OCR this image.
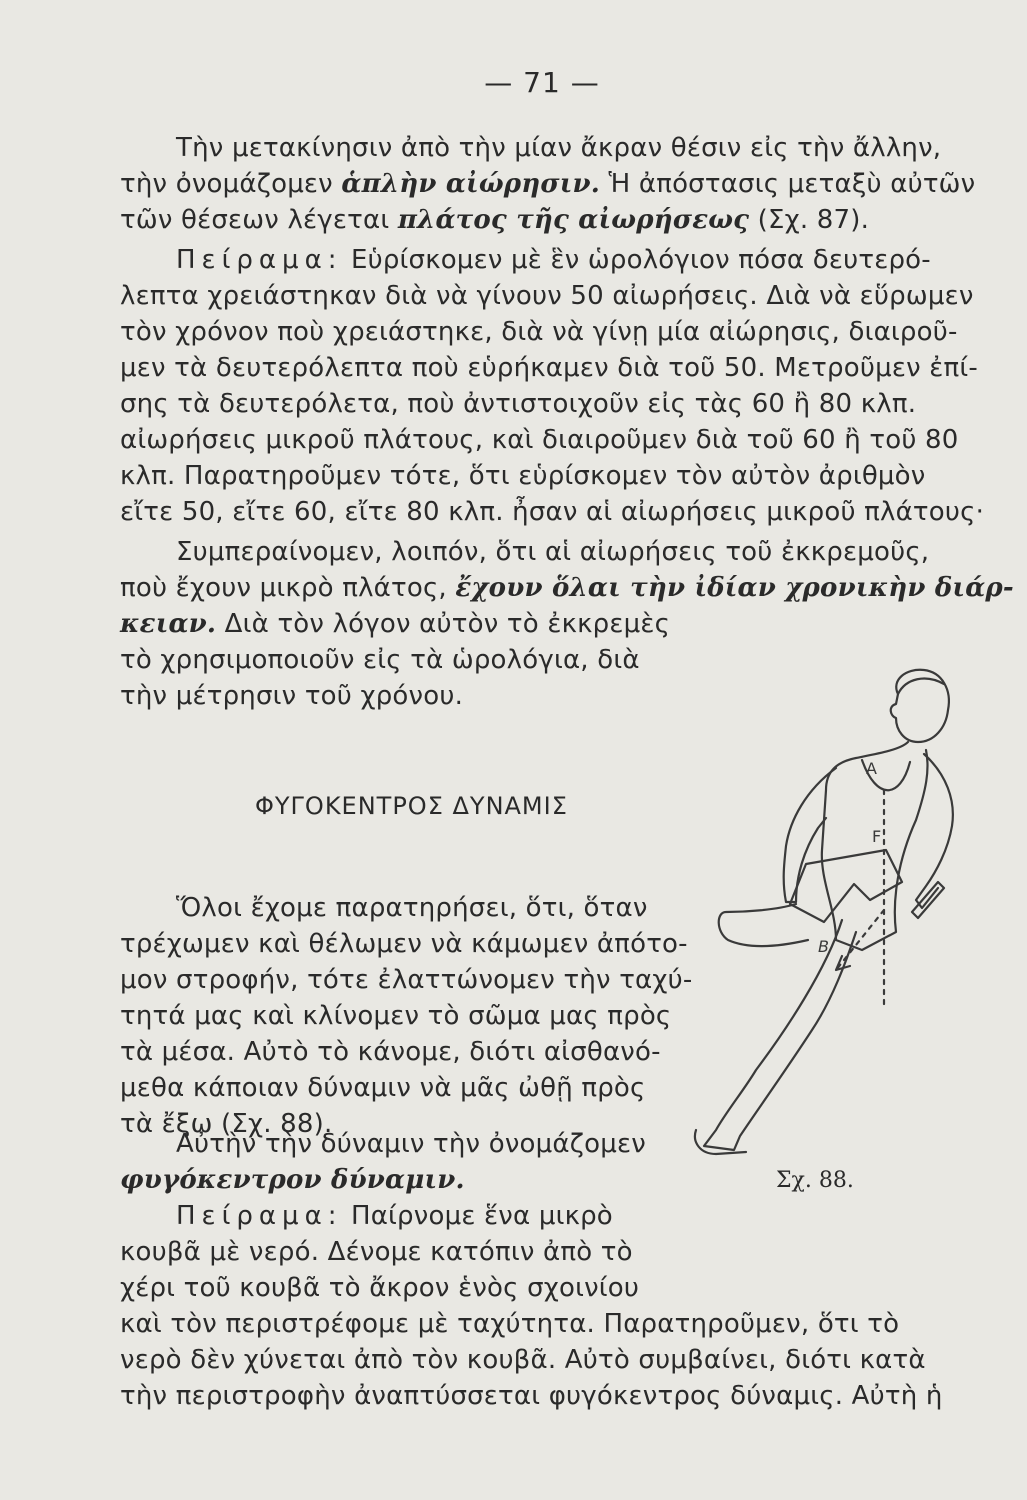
— 71 —
Τὴν μετακίνησιν ἀπὸ τὴν μίαν ἄκραν θέσιν εἰς τὴν ἄλλην,
τὴν ὀνομάζομεν ἁπλὴν αἰώρησιν. Ἡ ἀπόστασις μεταξὺ αὐτῶν
τῶν θέσεων λέγεται πλάτος τῆς αἰωρήσεως (Σχ. 87).
Πείραμα: Εὑρίσκομεν μὲ ἓν ὡρολόγιον πόσα δευτερό-
λεπτα χρειάστηκαν διὰ νὰ γίνουν 50 αἰωρήσεις. Διὰ νὰ εὕρωμεν
τὸν χρόνον ποὺ χρειάστηκε, διὰ νὰ γίνῃ μία αἰώρησις, διαιροῦ-
μεν τὰ δευτερόλεπτα ποὺ εὑρήκαμεν διὰ τοῦ 50. Μετροῦμεν ἐπί-
σης τὰ δευτερόλετα, ποὺ ἀντιστοιχοῦν εἰς τὰς 60 ἢ 80 κλπ.
αἰωρήσεις μικροῦ πλάτους, καὶ διαιροῦμεν διὰ τοῦ 60 ἢ τοῦ 80
κλπ. Παρατηροῦμεν τότε, ὅτι εὑρίσκομεν τὸν αὐτὸν ἀριθμὸν
εἴτε 50, εἴτε 60, εἴτε 80 κλπ. ἦσαν αἱ αἰωρήσεις μικροῦ πλάτους·
Συμπεραίνομεν, λοιπόν, ὅτι αἱ αἰωρήσεις τοῦ ἐκκρεμοῦς,
ποὺ ἔχουν μικρὸ πλάτος, ἔχουν ὅλαι τὴν ἰδίαν χρονικὴν διάρ-
κειαν. Διὰ τὸν λόγον αὐτὸν τὸ ἐκκρεμὲς
τὸ χρησιμοποιοῦν εἰς τὰ ὡρολόγια, διὰ
τὴν μέτρησιν τοῦ χρόνου.
ΦΥΓΟΚΕΝΤΡΟΣ ΔΥΝΑΜΙΣ
Ὅλοι ἔχομε παρατηρήσει, ὅτι, ὅταν
τρέχωμεν καὶ θέλωμεν νὰ κάμωμεν ἀπότο-
μον στροφήν, τότε ἐλαττώνομεν τὴν ταχύ-
τητά μας καὶ κλίνομεν τὸ σῶμα μας πρὸς
τὰ μέσα. Αὐτὸ τὸ κάνομε, διότι αἰσθανό-
μεθα κάποιαν δύναμιν νὰ μᾶς ὠθῇ πρὸς
τὰ ἔξω (Σχ. 88).
Αὐτὴν τὴν δύναμιν τὴν ὀνομάζομεν
φυγόκεντρον δύναμιν.
A
B
F
Σχ. 88.
Πείραμα: Παίρνομε ἕνα μικρὸ
κουβᾶ μὲ νερό. Δένομε κατόπιν ἀπὸ τὸ
χέρι τοῦ κουβᾶ τὸ ἄκρον ἑνὸς σχοινίου
καὶ τὸν περιστρέφομε μὲ ταχύτητα. Παρατηροῦμεν, ὅτι τὸ
νερὸ δὲν χύνεται ἀπὸ τὸν κουβᾶ. Αὐτὸ συμβαίνει, διότι κατὰ
τὴν περιστροφὴν ἀναπτύσσεται φυγόκεντρος δύναμις. Αὐτὴ ἡ
